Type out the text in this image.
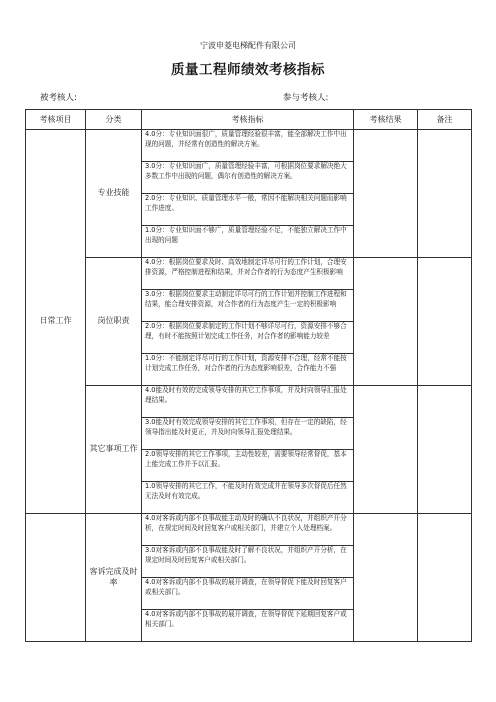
宁波申菱电梯配件有限公司
质量工程师绩效考核指标
被考核人:	参与考核人:
考核项目	分类	考核指标	考核结果	备注
日常工作	专业技能	4.0分：专业知识面很广，质量管理经验很丰富，能全部解决工作中出现的问题，并经常有创造性的解决方案。		

		3.0分：专业知识面广，质量管理经验丰富，可根据岗位要求解决绝大多数工作中出现的问题，偶尔有创造性的解决方案。		

		2.0分：专业知识、质量管理水平一般，常因不能解决相关问题而影响工作进度。		

		1.0分：专业知识面不够广，质量管理经验不足，不能独立解决工作中出现的问题		

	岗位职责	4.0分：根据岗位要求及时、高效地制定详尽可行的工作计划，合理安排资源，严格控制进程和结果，并对合作者的行为态度产生积极影响		

		3.0分：根据岗位要求主动制定详尽可行的工作计划并控制工作进程和结果，能合理安排资源，对合作者的行为态度产生一定的积极影响		

		2.0分：根据岗位要求制定的工作计划不够详尽可行，资源安排不够合理，有时不能按照计划完成工作任务，对合作者的影响能力较差		

		1.0分：不能制定详尽可行的工作计划，资源安排不合理，经常不能按计划完成工作任务，对合作者的行为态度影响很差，合作能力不强		

	其它事项工作	4.0能及时有效的完成领导安排的其它工作事项，并及时向领导汇报处理结果。		

		3.0能及时有效完成领导安排的其它工作事项，但存在一定的缺陷，经领导指出能及时更正，并及时向领导汇报处理结果。		

		2.0领导安排的其它工作事项，主动性较差，需要领导经常督促，基本上能完成工作并予以汇报。		

		1.0领导安排的其它工作，不能及时有效完成并在领导多次督促后任然无法及时有效完成。		

	客诉完成及时率	4.0对客诉或内部不良事故能主动及时的确认不良状况，并组织产开分析，在规定时间及时回复客户或相关部门，并建立个人处理档案。		

		3.0对客诉或内部不良事故能及时了解不良状况，并组织产开分析，在规定时间及时回复客户或相关部门。		

		4.0对客诉或内部不良事故的展开调查，在领导督促下能及时回复客户或相关部门。		

		4.0对客诉或内部不良事故的展开调查，在领导督促下延期回复客户或相关部门。		
